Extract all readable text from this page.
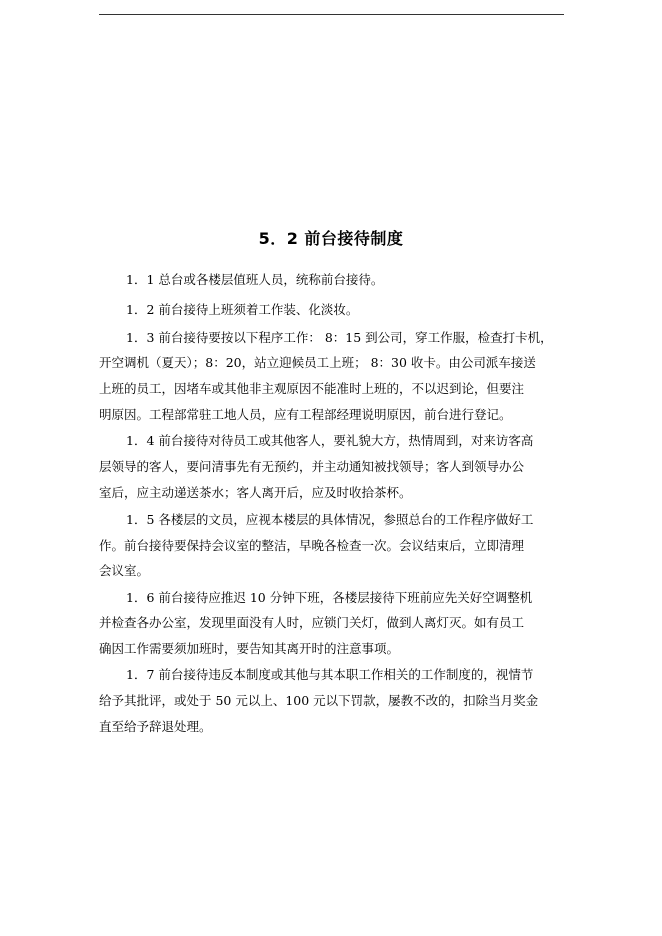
5．2 前台接待制度
1．1 总台或各楼层值班人员，统称前台接待。
1．2 前台接待上班须着工作装、化淡妆。
1．3 前台接待要按以下程序工作： 8：15 到公司，穿工作服，检查打卡机，
开空调机（夏天）；8：20，站立迎候员工上班； 8：30 收卡。由公司派车接送
上班的员工，因堵车或其他非主观原因不能准时上班的，不以迟到论，但要注
明原因。工程部常驻工地人员，应有工程部经理说明原因，前台进行登记。
1．4 前台接待对待员工或其他客人，要礼貌大方，热情周到，对来访客高
层领导的客人，要问清事先有无预约，并主动通知被找领导；客人到领导办公
室后，应主动递送茶水；客人离开后，应及时收拾茶杯。
1．5 各楼层的文员，应视本楼层的具体情况，参照总台的工作程序做好工
作。前台接待要保持会议室的整洁，早晚各检查一次。会议结束后，立即清理
会议室。
1．6 前台接待应推迟 10 分钟下班，各楼层接待下班前应先关好空调整机
并检查各办公室，发现里面没有人时，应锁门关灯，做到人离灯灭。如有员工
确因工作需要须加班时，要告知其离开时的注意事项。
1．7 前台接待违反本制度或其他与其本职工作相关的工作制度的，视情节
给予其批评，或处于 50 元以上、100 元以下罚款，屡教不改的，扣除当月奖金
直至给予辞退处理。
